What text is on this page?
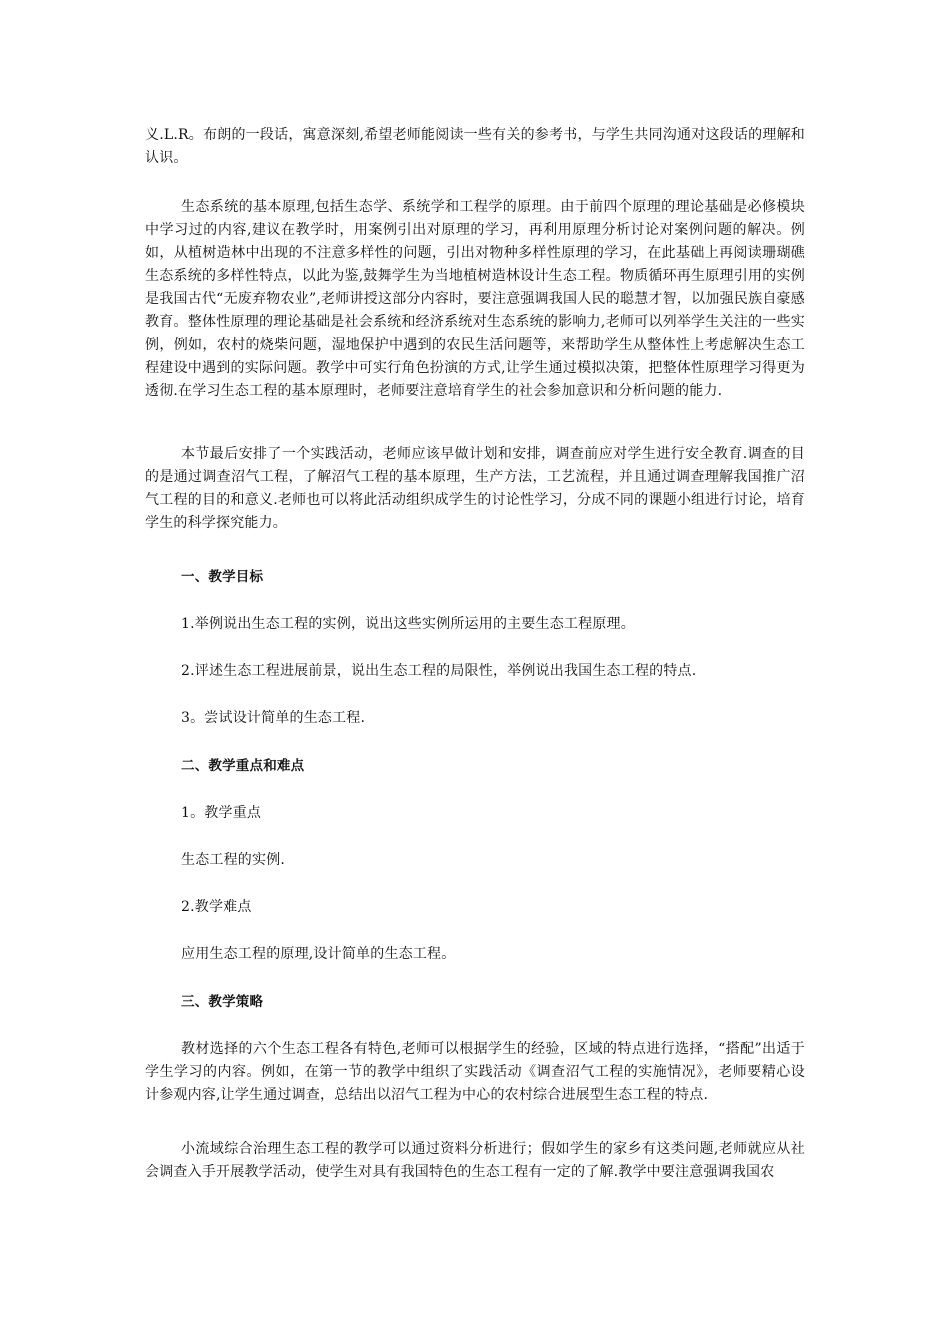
义.L.R。布朗的一段话，寓意深刻,希望老师能阅读一些有关的参考书，与学生共同沟通对这段话的理解和认识。

生态系统的基本原理,包括生态学、系统学和工程学的原理。由于前四个原理的理论基础是必修模块中学习过的内容,建议在教学时，用案例引出对原理的学习，再利用原理分析讨论对案例问题的解决。例如，从植树造林中出现的不注意多样性的问题，引出对物种多样性原理的学习，在此基础上再阅读珊瑚礁生态系统的多样性特点，以此为鉴,鼓舞学生为当地植树造林设计生态工程。物质循环再生原理引用的实例是我国古代“无废弃物农业”,老师讲授这部分内容时，要注意强调我国人民的聪慧才智，以加强民族自豪感教育。整体性原理的理论基础是社会系统和经济系统对生态系统的影响力,老师可以列举学生关注的一些实例，例如，农村的烧柴问题，湿地保护中遇到的农民生活问题等，来帮助学生从整体性上考虑解决生态工程建设中遇到的实际问题。教学中可实行角色扮演的方式,让学生通过模拟决策，把整体性原理学习得更为透彻.在学习生态工程的基本原理时，老师要注意培育学生的社会参加意识和分析问题的能力.

本节最后安排了一个实践活动，老师应该早做计划和安排，调查前应对学生进行安全教育.调查的目的是通过调查沼气工程，了解沼气工程的基本原理，生产方法，工艺流程，并且通过调查理解我国推广沼气工程的目的和意义.老师也可以将此活动组织成学生的讨论性学习，分成不同的课题小组进行讨论，培育学生的科学探究能力。

一、教学目标

1.举例说出生态工程的实例，说出这些实例所运用的主要生态工程原理。

2.评述生态工程进展前景，说出生态工程的局限性，举例说出我国生态工程的特点.

3。尝试设计简单的生态工程.

二、教学重点和难点

1。教学重点

生态工程的实例.

2.教学难点

应用生态工程的原理,设计简单的生态工程。

三、教学策略

教材选择的六个生态工程各有特色,老师可以根据学生的经验，区域的特点进行选择，“搭配”出适于学生学习的内容。例如，在第一节的教学中组织了实践活动《调查沼气工程的实施情况》，老师要精心设计参观内容,让学生通过调查，总结出以沼气工程为中心的农村综合进展型生态工程的特点.

小流域综合治理生态工程的教学可以通过资料分析进行；假如学生的家乡有这类问题,老师就应从社会调查入手开展教学活动，使学生对具有我国特色的生态工程有一定的了解.教学中要注意强调我国农
